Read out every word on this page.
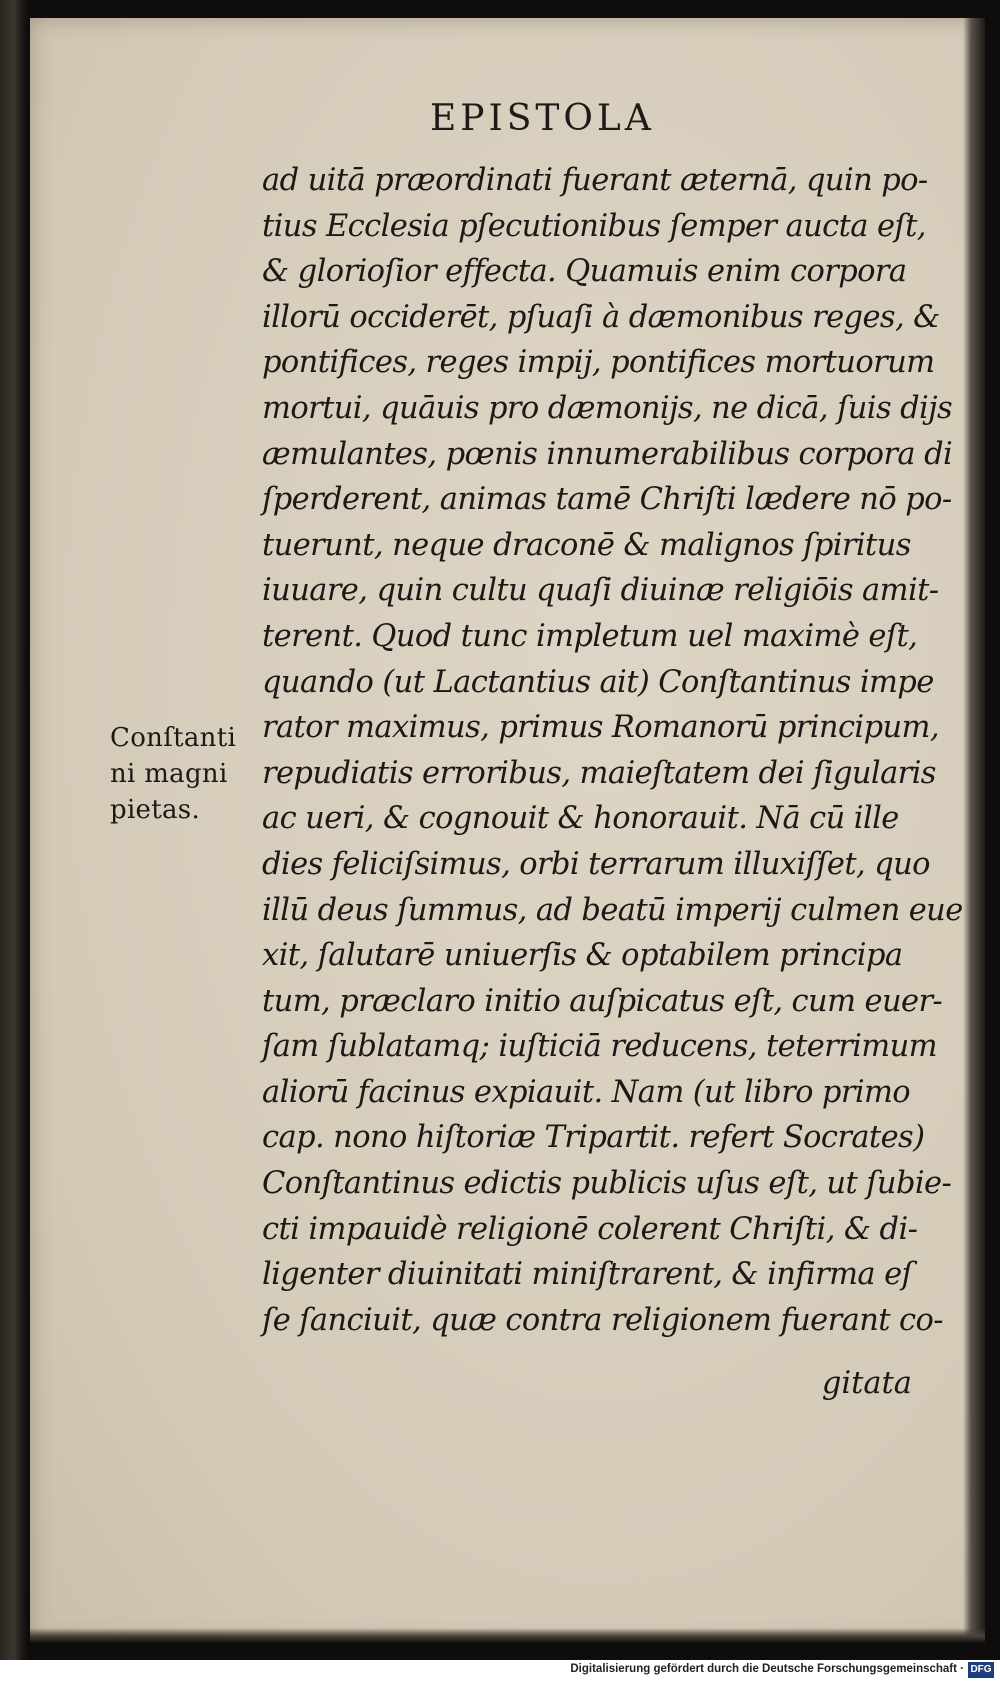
EPISTOLA
Conſtanti
ni magni
pietas.
ad uitā præordinati fuerant æternā, quin po-
tius Ecclesia pſecutionibus ſemper aucta eſt,
& glorioſior effecta. Quamuis enim corpora
illorū occiderēt, pſuaſi à dæmonibus reges, &
pontifices, reges impij, pontifices mortuorum
mortui, quāuis pro dæmonijs, ne dicā, ſuis dijs
æmulantes, pœnis innumerabilibus corpora di
ſperderent, animas tamē Chriſti lædere nō po-
tuerunt, neque draconē & malignos ſpiritus
iuuare, quin cultu quaſi diuinæ religiōis amit-
terent. Quod tunc impletum uel maximè eſt,
quando (ut Lactantius ait) Conſtantinus impe
rator maximus, primus Romanorū principum,
repudiatis erroribus, maieſtatem dei ſigularis
ac ueri, & cognouit & honorauit. Nā cū ille
dies feliciſsimus, orbi terrarum illuxiſſet, quo
illū deus ſummus, ad beatū imperij culmen eue
xit, ſalutarē uniuerſis & optabilem principa
tum, præclaro initio auſpicatus eſt, cum euer-
ſam ſublatamq; iuſticiā reducens, teterrimum
aliorū facinus expiauit. Nam (ut libro primo
cap. nono hiſtoriæ Tripartit. refert Socrates)
Conſtantinus edictis publicis uſus eſt, ut ſubie-
cti impauidè religionē colerent Chriſti, & di-
ligenter diuinitati miniſtrarent, & infirma eſ
ſe ſanciuit, quæ contra religionem fuerant co-
gitata
Digitalisierung gefördert durch die Deutsche Forschungsgemeinschaft · DFG
